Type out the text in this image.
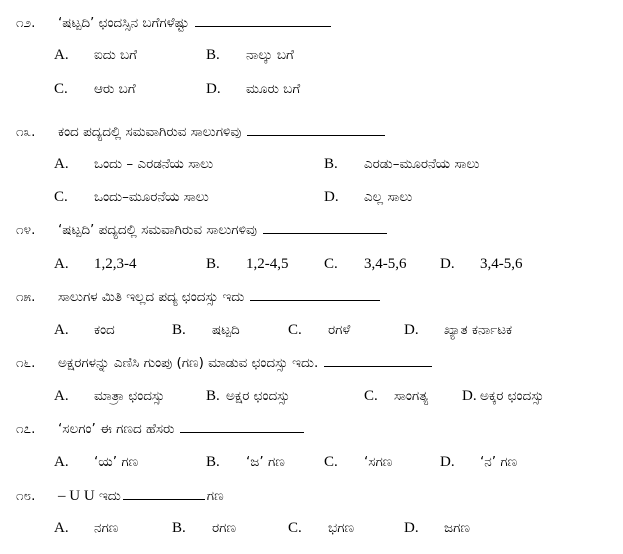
೧೨. ‘ಷಟ್ಪದಿ’ ಛಂದಸ್ಸಿನ ಬಗೆಗಳೆಷ್ಟು
A. ಐದು ಬಗೆ	B. ನಾಲ್ಕು ಬಗೆ
C. ಆರು ಬಗೆ	D. ಮೂರು ಬಗೆ
೧೩. ಕಂದ ಪದ್ಯದಲ್ಲಿ ಸಮವಾಗಿರುವ ಸಾಲುಗಳಿವು
A. ಒಂದು – ಎರಡನೆಯ ಸಾಲು	B. ಎರಡು–ಮೂರನೆಯ ಸಾಲು
C. ಒಂದು–ಮೂರನೆಯ ಸಾಲು	D. ಎಲ್ಲ ಸಾಲು
೧೪. ‘ಷಟ್ಪದಿ’ ಪದ್ಯದಲ್ಲಿ ಸಮವಾಗಿರುವ ಸಾಲುಗಳಿವು
A. 1,2,3-4	B. 1,2-4,5 C. 3,4-5,6 D. 3,4-5,6
೧೫. ಸಾಲುಗಳ ಮಿತಿ ಇಲ್ಲದ ಪದ್ಯ ಛಂದಸ್ಸು ಇದು
A. ಕಂದ	B. ಷಟ್ಪದಿ	C. ರಗಳೆ	D. ಖ್ಯಾತ ಕರ್ನಾಟಕ
೧೬. ಅಕ್ಷರಗಳನ್ನು ಎಣಿಸಿ ಗುಂಪು (ಗಣ) ಮಾಡುವ ಛಂದಸ್ಸು ಇದು.
A. ಮಾತ್ರಾ ಛಂದಸ್ಸು	B. ಅಕ್ಷರ ಛಂದಸ್ಸು	C. ಸಾಂಗತ್ಯ D. ಅಕ್ಕರ ಛಂದಸ್ಸು
೧೭. ‘ಸಲಗಂ’ ಈ ಗಣದ ಹೆಸರು
A. ‘ಯ’ ಗಣ	B. ‘ಜ’ ಗಣ	C. ‘ಸಗಣ	D. ‘ನ’ ಗಣ
೧೮. – U U ಇದು	ಗಣ
A. ನಗಣ	B. ರಗಣ	C. ಭಗಣ	D. ಜಗಣ
